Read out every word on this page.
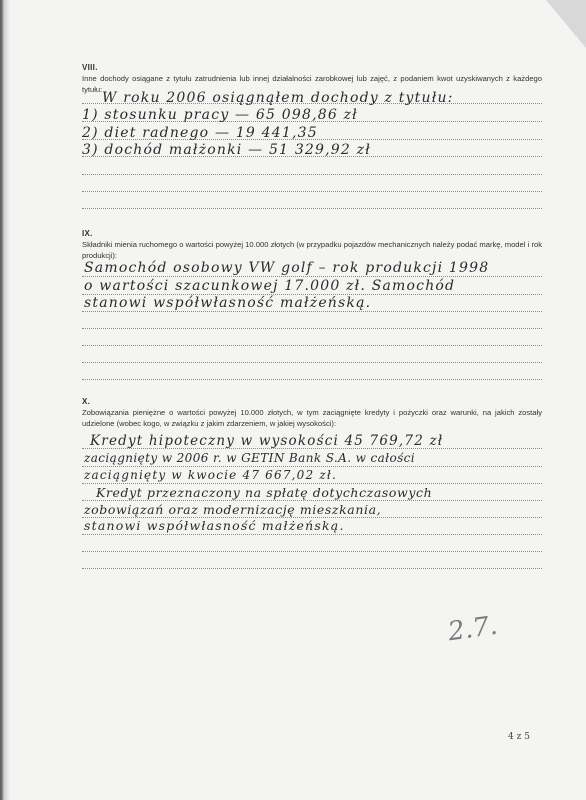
VIII.
Inne dochody osiągane z tytułu zatrudnienia lub innej działalności zarobkowej lub zajęć, z podaniem kwot uzyskiwanych z każdego tytułu:
W roku 2006 osiągnąłem dochody z tytułu:
1) stosunku pracy — 65 098,86 zł
2) diet radnego — 19 441,35
3) dochód małżonki — 51 329,92 zł
IX.
Składniki mienia ruchomego o wartości powyżej 10.000 złotych (w przypadku pojazdów mechanicznych należy podać markę, model i rok produkcji):
Samochód osobowy VW golf – rok produkcji 1998
o wartości szacunkowej 17.000 zł. Samochód
stanowi współwłasność małżeńską.
X.
Zobowiązania pieniężne o wartości powyżej 10.000 złotych, w tym zaciągnięte kredyty i pożyczki oraz warunki, na jakich zostały udzielone (wobec kogo, w związku z jakim zdarzeniem, w jakiej wysokości):
Kredyt hipoteczny w wysokości 45 769,72 zł
zaciągnięty w 2006 r. w GETIN Bank S.A. w całości
zaciągnięty w kwocie 47 667,02 zł.
Kredyt przeznaczony na spłatę dotychczasowych
zobowiązań oraz modernizację mieszkania,
stanowi współwłasność małżeńską.
2.7.
4 z 5
